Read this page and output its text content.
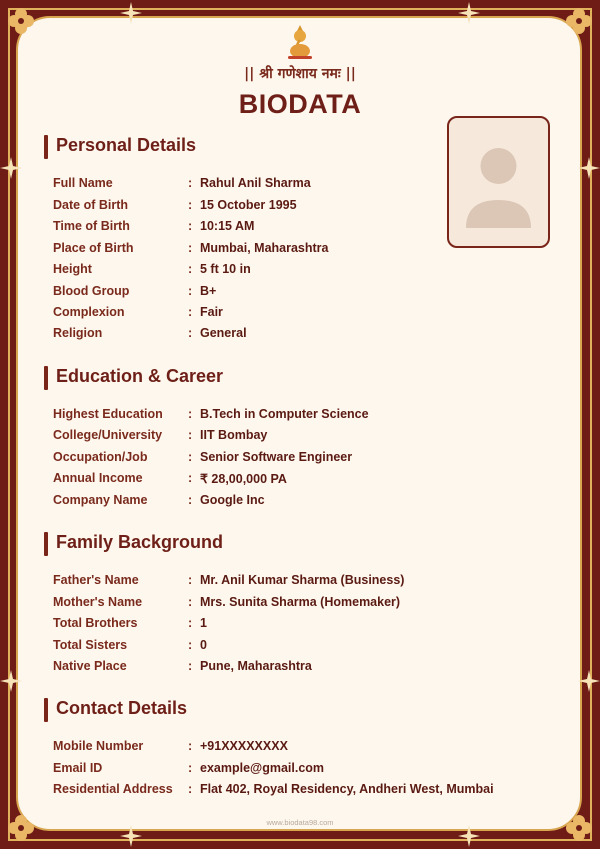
|| श्री गणेशाय नमः ||
BIODATA
Personal Details
Full Name	: Rahul Anil Sharma
Date of Birth	: 15 October 1995
Time of Birth	: 10:15 AM
Place of Birth	: Mumbai, Maharashtra
Height	: 5 ft 10 in
Blood Group	: B+
Complexion	: Fair
Religion	: General
Education & Career
Highest Education : B.Tech in Computer Science
College/University : IIT Bombay
Occupation/Job	: Senior Software Engineer
Annual Income	: ₹ 28,00,000 PA
Company Name	: Google Inc
Family Background
Father's Name	: Mr. Anil Kumar Sharma (Business)
Mother's Name	: Mrs. Sunita Sharma (Homemaker)
Total Brothers	: 1
Total Sisters	: 0
Native Place	: Pune, Maharashtra
Contact Details
Mobile Number	: +91XXXXXXXX
Email ID	: example@gmail.com
Residential Address : Flat 402, Royal Residency, Andheri West, Mumbai
www.biodata98.com
